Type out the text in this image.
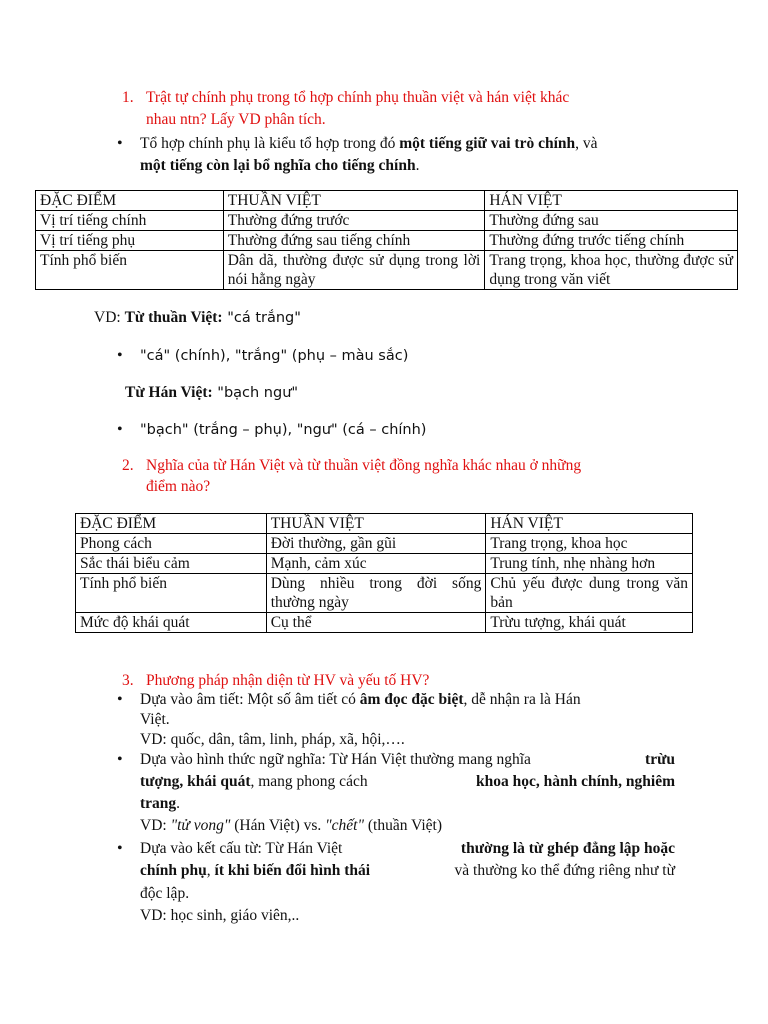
1. Trật tự chính phụ trong tổ hợp chính phụ thuần việt và hán việt khác
nhau ntn? Lấy VD phân tích.
• Tổ hợp chính phụ là kiểu tổ hợp trong đó một tiếng giữ vai trò chính, và
một tiếng còn lại bổ nghĩa cho tiếng chính.
ĐẶC ĐIỂM	THUẦN VIỆT	HÁN VIỆT
Vị trí tiếng chính	Thường đứng trước	Thường đứng sau
Vị trí tiếng phụ	Thường đứng sau tiếng chính	Thường đứng trước tiếng chính
Tính phổ biến	Dân dã, thường được sử dụng trong lời nói hằng ngày	Trang trọng, khoa học, thường được sử dụng trong văn viết
VD: Từ thuần Việt: "cá trắng"
• "cá" (chính), "trắng" (phụ – màu sắc)
Từ Hán Việt: "bạch ngư"
• "bạch" (trắng – phụ), "ngư" (cá – chính)
2. Nghĩa của từ Hán Việt và từ thuần việt đồng nghĩa khác nhau ở những
điểm nào?
ĐẶC ĐIỂM	THUẦN VIỆT	HÁN VIỆT
Phong cách	Đời thường, gần gũi	Trang trọng, khoa học
Sắc thái biểu cảm	Mạnh, cảm xúc	Trung tính, nhẹ nhàng hơn
Tính phổ biến	Dùng nhiều trong đời sống thường ngày	Chủ yếu được dung trong văn bản
Mức độ khái quát	Cụ thể	Trừu tượng, khái quát
3. Phương pháp nhận diện từ HV và yếu tố HV?
• Dựa vào âm tiết: Một số âm tiết có âm đọc đặc biệt, dễ nhận ra là Hán
Việt.
VD: quốc, dân, tâm, linh, pháp, xã, hội,….
• Dựa vào hình thức ngữ nghĩa: Từ Hán Việt thường mang nghĩa	trừu
tượng, khái quát, mang phong cách	khoa học, hành chính, nghiêm
trang.
VD: "tử vong" (Hán Việt) vs. "chết" (thuần Việt)
• Dựa vào kết cấu từ: Từ Hán Việt	thường là từ ghép đẳng lập hoặc
chính phụ, ít khi biến đổi hình thái	và thường ko thể đứng riêng như từ
độc lập.
VD: học sinh, giáo viên,..
